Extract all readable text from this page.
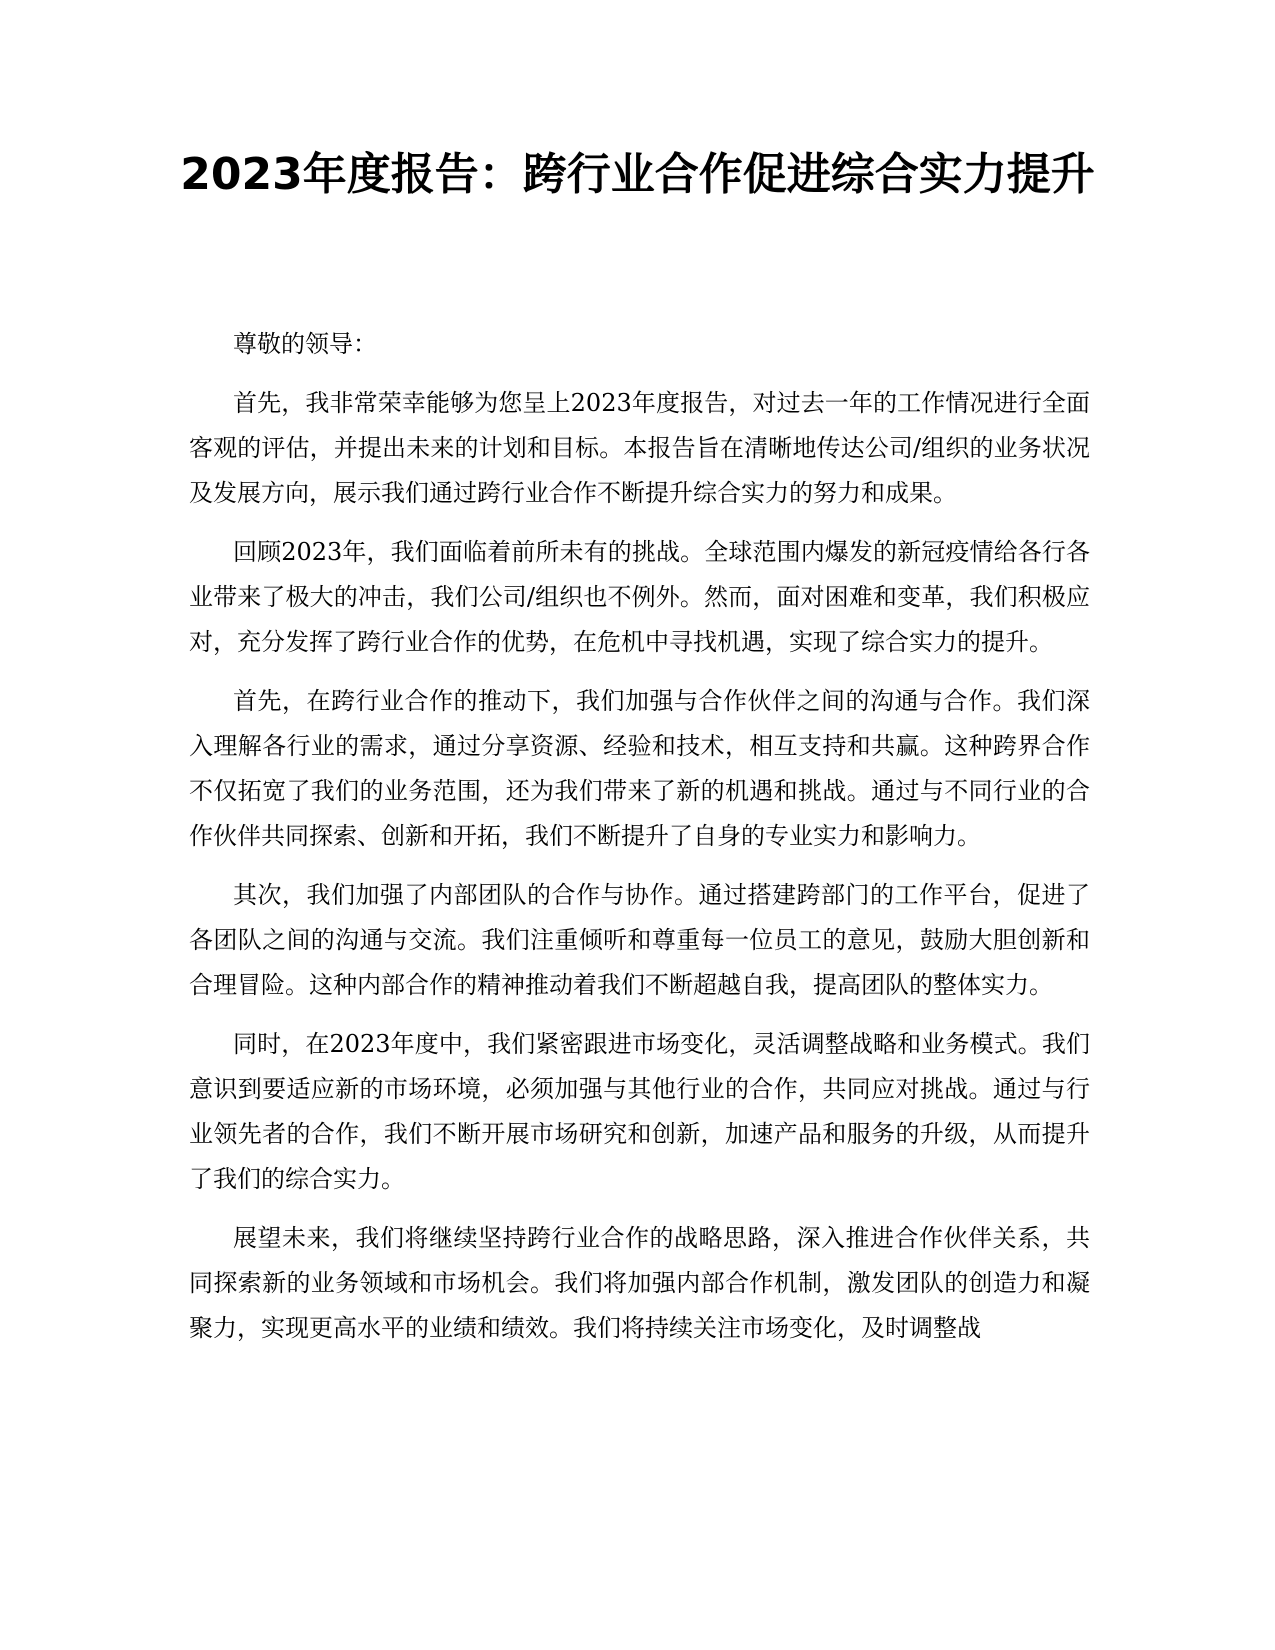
2023年度报告：跨行业合作促进综合实力提升

尊敬的领导：

首先，我非常荣幸能够为您呈上2023年度报告，对过去一年的工作情况进行全面客观的评估，并提出未来的计划和目标。本报告旨在清晰地传达公司/组织的业务状况及发展方向，展示我们通过跨行业合作不断提升综合实力的努力和成果。

回顾2023年，我们面临着前所未有的挑战。全球范围内爆发的新冠疫情给各行各业带来了极大的冲击，我们公司/组织也不例外。然而，面对困难和变革，我们积极应对，充分发挥了跨行业合作的优势，在危机中寻找机遇，实现了综合实力的提升。

首先，在跨行业合作的推动下，我们加强与合作伙伴之间的沟通与合作。我们深入理解各行业的需求，通过分享资源、经验和技术，相互支持和共赢。这种跨界合作不仅拓宽了我们的业务范围，还为我们带来了新的机遇和挑战。通过与不同行业的合作伙伴共同探索、创新和开拓，我们不断提升了自身的专业实力和影响力。

其次，我们加强了内部团队的合作与协作。通过搭建跨部门的工作平台，促进了各团队之间的沟通与交流。我们注重倾听和尊重每一位员工的意见，鼓励大胆创新和合理冒险。这种内部合作的精神推动着我们不断超越自我，提高团队的整体实力。

同时，在2023年度中，我们紧密跟进市场变化，灵活调整战略和业务模式。我们意识到要适应新的市场环境，必须加强与其他行业的合作，共同应对挑战。通过与行业领先者的合作，我们不断开展市场研究和创新，加速产品和服务的升级，从而提升了我们的综合实力。

展望未来，我们将继续坚持跨行业合作的战略思路，深入推进合作伙伴关系，共同探索新的业务领域和市场机会。我们将加强内部合作机制，激发团队的创造力和凝聚力，实现更高水平的业绩和绩效。我们将持续关注市场变化，及时调整战
